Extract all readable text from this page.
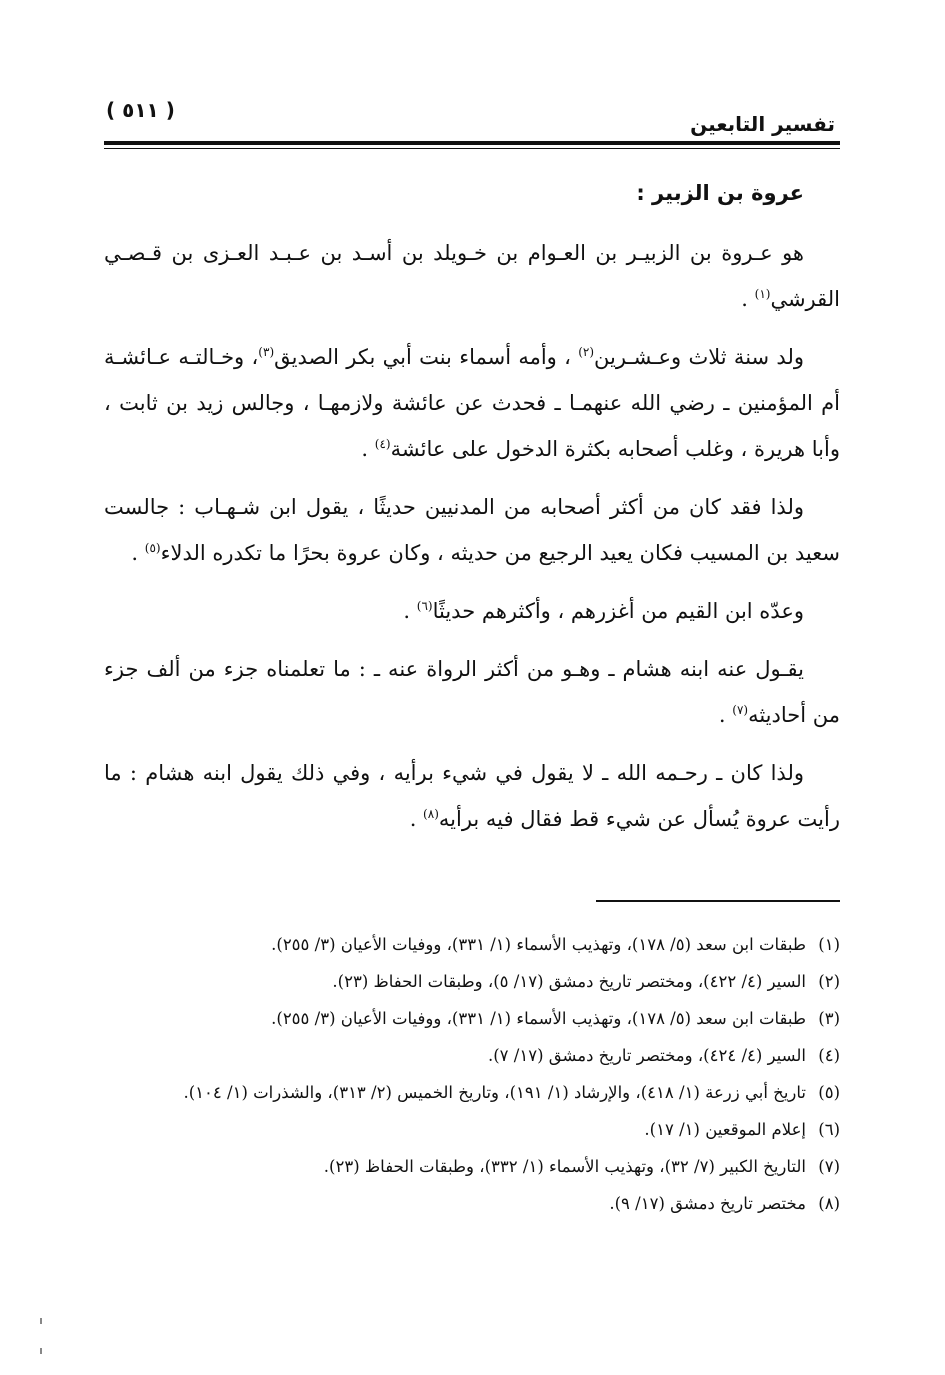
تفسير التابعين
( ٥١١ )
عروة بن الزبير :

هو عـروة بن الزبيـر بن العـوام بن خـويلد بن أسـد بن عـبـد العـزى بن قـصـي القرشي$^{(١)}$ .

ولد سنة ثلاث وعـشـرين$^{(٢)}$ ، وأمه أسماء بنت أبي بكر الصديق$^{(٣)}$، وخـالتـه عـائشـة أم المؤمنين ـ رضي الله عنهمـا ـ فحدث عن عائشة ولازمهـا ، وجالس زيد بن ثابت ، وأبا هريرة ، وغلب أصحابه بكثرة الدخول على عائشة$^{(٤)}$ .

ولذا فقد كان من أكثر أصحابه من المدنيين حديثًا ، يقول ابن شـهـاب : جالست سعيد بن المسيب فكان يعيد الرجيع من حديثه ، وكان عروة بحرًا ما تكدره الدلاء$^{(٥)}$ .

وعدّه ابن القيم من أغزرهم ، وأكثرهم حديثًا$^{(٦)}$ .

يقـول عنه ابنه هشام ـ وهـو من أكثر الرواة عنه ـ : ما تعلمناه جزء من ألف جزء من أحاديثه$^{(٧)}$ .

ولذا كان ـ رحـمه الله ـ لا يقول في شيء برأيه ، وفي ذلك يقول ابنه هشام : ما رأيت عروة يُسأل عن شيء قط فقال فيه برأيه$^{(٨)}$ .

(١)
طبقات ابن سعد (٥/ ١٧٨)، وتهذيب الأسماء (١/ ٣٣١)، ووفيات الأعيان (٣/ ٢٥٥).

(٢)
السير (٤/ ٤٢٢)، ومختصر تاريخ دمشق (١٧/ ٥)، وطبقات الحفاظ (٢٣).

(٣)
طبقات ابن سعد (٥/ ١٧٨)، وتهذيب الأسماء (١/ ٣٣١)، ووفيات الأعيان (٣/ ٢٥٥).

(٤)
السير (٤/ ٤٢٤)، ومختصر تاريخ دمشق (١٧/ ٧).

(٥)
تاريخ أبي زرعة (١/ ٤١٨)، والإرشاد (١/ ١٩١)، وتاريخ الخميس (٢/ ٣١٣)، والشذرات (١/ ١٠٤).

(٦)
إعلام الموقعين (١/ ١٧).

(٧)
التاريخ الكبير (٧/ ٣٢)، وتهذيب الأسماء (١/ ٣٣٢)، وطبقات الحفاظ (٢٣).

(٨)
مختصر تاريخ دمشق (١٧/ ٩).
